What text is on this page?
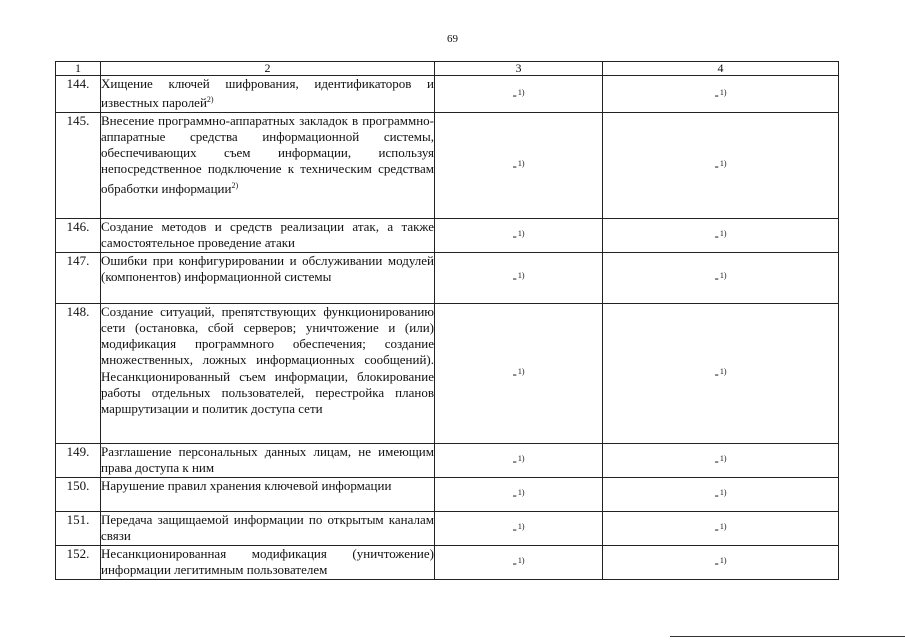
69
1	2	3	4
144.	Хищение ключей шифрования, идентификаторов и известных паролей$^{2)}$	-$^{1)}$	-$^{1)}$
145.	Внесение программно-аппаратных закладок в программно-аппаратные средства информационной системы, обеспечивающих съем информации, используя непосредственное подключение к техническим средствам обработки информации$^{2)}$	-$^{1)}$	-$^{1)}$
146.	Создание методов и средств реализации атак, а также самостоятельное проведение атаки	-$^{1)}$	-$^{1)}$
147.	Ошибки при конфигурировании и обслуживании модулей (компонентов) информационной системы	-$^{1)}$	-$^{1)}$
148.	Создание ситуаций, препятствующих функционированию сети (остановка, сбой серверов; уничтожение и (или) модификация программного обеспечения; создание множественных, ложных информационных сообщений). Несанкционированный съем информации, блокирование работы отдельных пользователей, перестройка планов маршрутизации и политик доступа сети	-$^{1)}$	-$^{1)}$
149.	Разглашение персональных данных лицам, не имеющим права доступа к ним	-$^{1)}$	-$^{1)}$
150.	Нарушение правил хранения ключевой информации	-$^{1)}$	-$^{1)}$
151.	Передача защищаемой информации по открытым каналам связи	-$^{1)}$	-$^{1)}$
152.	Несанкционированная модификация (уничтожение) информации легитимным пользователем	-$^{1)}$	-$^{1)}$
